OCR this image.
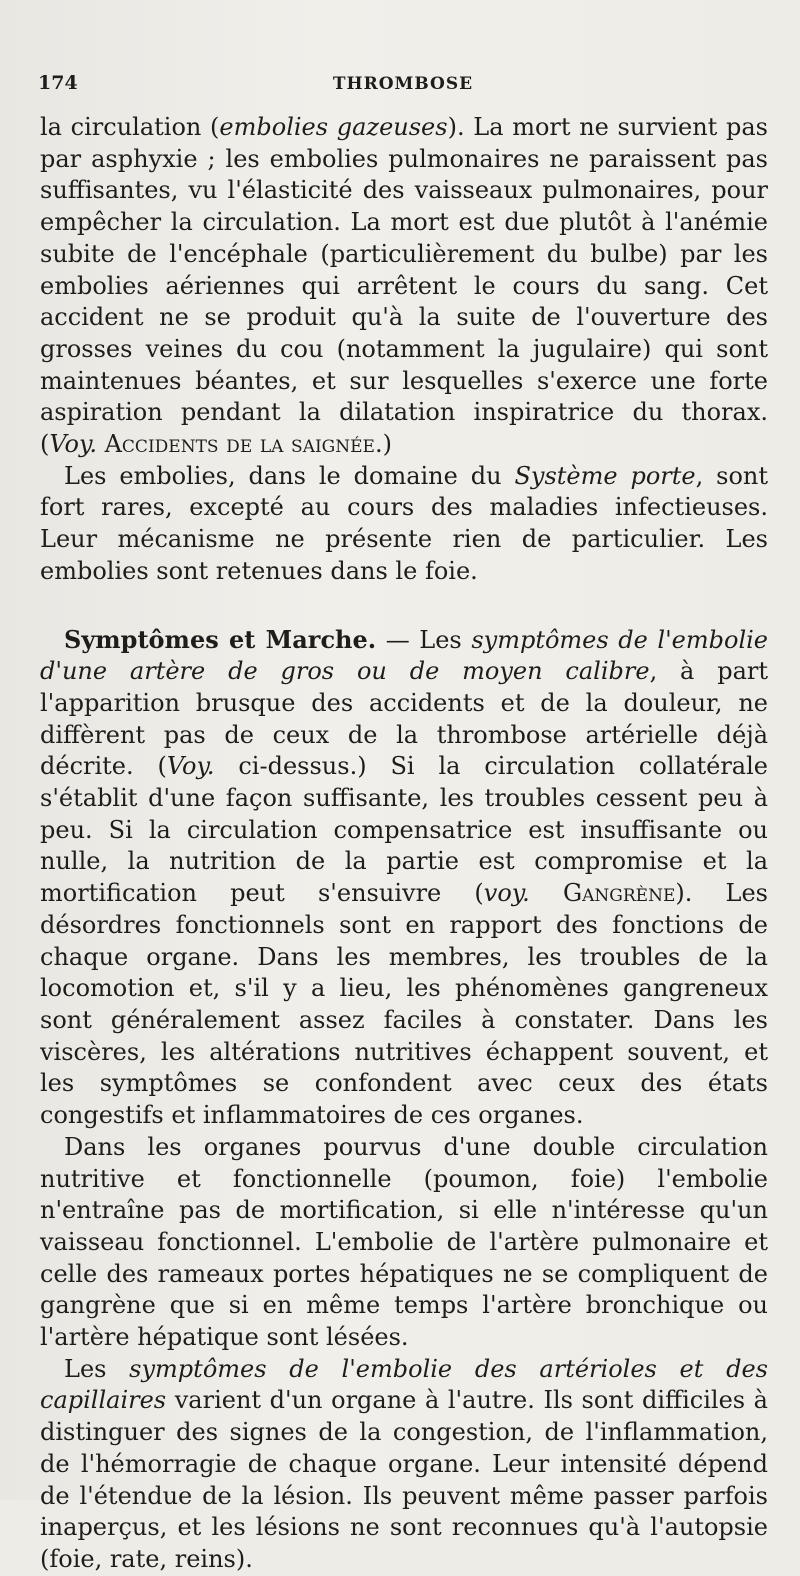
174	THROMBOSE

la circulation (embolies gazeuses). La mort ne survient pas par asphyxie ; les embolies pulmonaires ne paraissent pas suffisantes, vu l'élasticité des vaisseaux pulmonaires, pour empêcher la circulation. La mort est due plutôt à l'anémie subite de l'encéphale (particulièrement du bulbe) par les embolies aériennes qui arrêtent le cours du sang. Cet accident ne se produit qu'à la suite de l'ouverture des grosses veines du cou (notamment la jugulaire) qui sont maintenues béantes, et sur lesquelles s'exerce une forte aspiration pendant la dilatation inspiratrice du thorax. (Voy. Accidents de la saignée.)

Les embolies, dans le domaine du Système porte, sont fort rares, excepté au cours des maladies infectieuses. Leur mécanisme ne présente rien de particulier. Les embolies sont retenues dans le foie.

Symptômes et Marche. — Les symptômes de l'embolie d'une artère de gros ou de moyen calibre, à part l'apparition brusque des accidents et de la douleur, ne diffèrent pas de ceux de la thrombose artérielle déjà décrite. (Voy. ci-dessus.) Si la circulation collatérale s'établit d'une façon suffisante, les troubles cessent peu à peu. Si la circulation compensatrice est insuffisante ou nulle, la nutrition de la partie est compromise et la mortification peut s'ensuivre (voy. Gangrène). Les désordres fonctionnels sont en rapport des fonctions de chaque organe. Dans les membres, les troubles de la locomotion et, s'il y a lieu, les phénomènes gangreneux sont généralement assez faciles à constater. Dans les viscères, les altérations nutritives échappent souvent, et les symptômes se confondent avec ceux des états congestifs et inflammatoires de ces organes.

Dans les organes pourvus d'une double circulation nutritive et fonctionnelle (poumon, foie) l'embolie n'entraîne pas de mortification, si elle n'intéresse qu'un vaisseau fonctionnel. L'embolie de l'artère pulmonaire et celle des rameaux portes hépatiques ne se compliquent de gangrène que si en même temps l'artère bronchique ou l'artère hépatique sont lésées.

Les symptômes de l'embolie des artérioles et des capillaires varient d'un organe à l'autre. Ils sont difficiles à distinguer des signes de la congestion, de l'inflammation, de l'hémorragie de chaque organe. Leur intensité dépend de l'étendue de la lésion. Ils peuvent même passer parfois inaperçus, et les lésions ne sont reconnues qu'à l'autopsie (foie, rate, reins).
